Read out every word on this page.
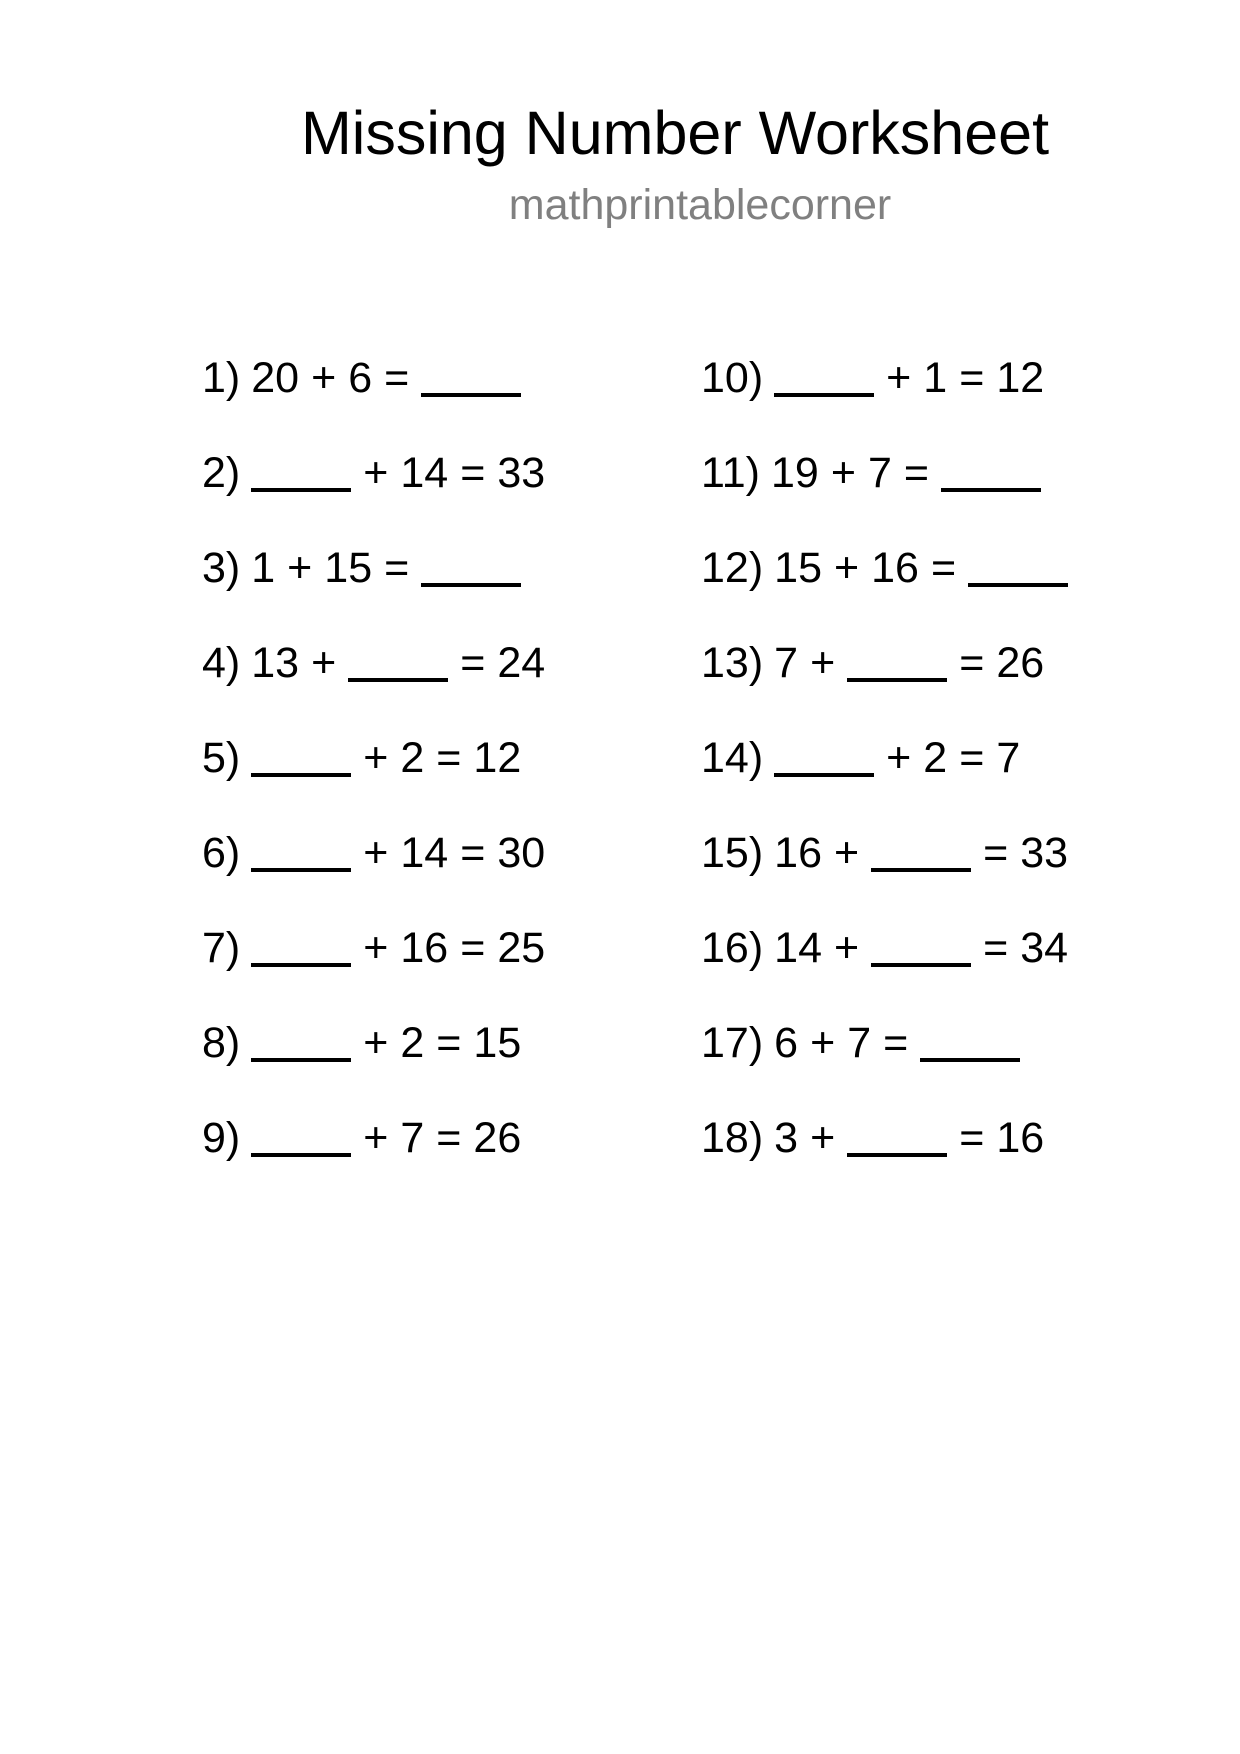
Missing Number Worksheet
mathprintablecorner
1) 20 + 6 =
2)	+ 14 = 33
3) 1 + 15 =
4) 13 +	= 24
5)	+ 2 = 12
6)	+ 14 = 30
7)	+ 16 = 25
8)	+ 2 = 15
9)	+ 7 = 26
10)	+ 1 = 12
11) 19 + 7 =
12) 15 + 16 =
13) 7 +	= 26
14)	+ 2 = 7
15) 16 +	= 33
16) 14 +	= 34
17) 6 + 7 =
18) 3 +	= 16
